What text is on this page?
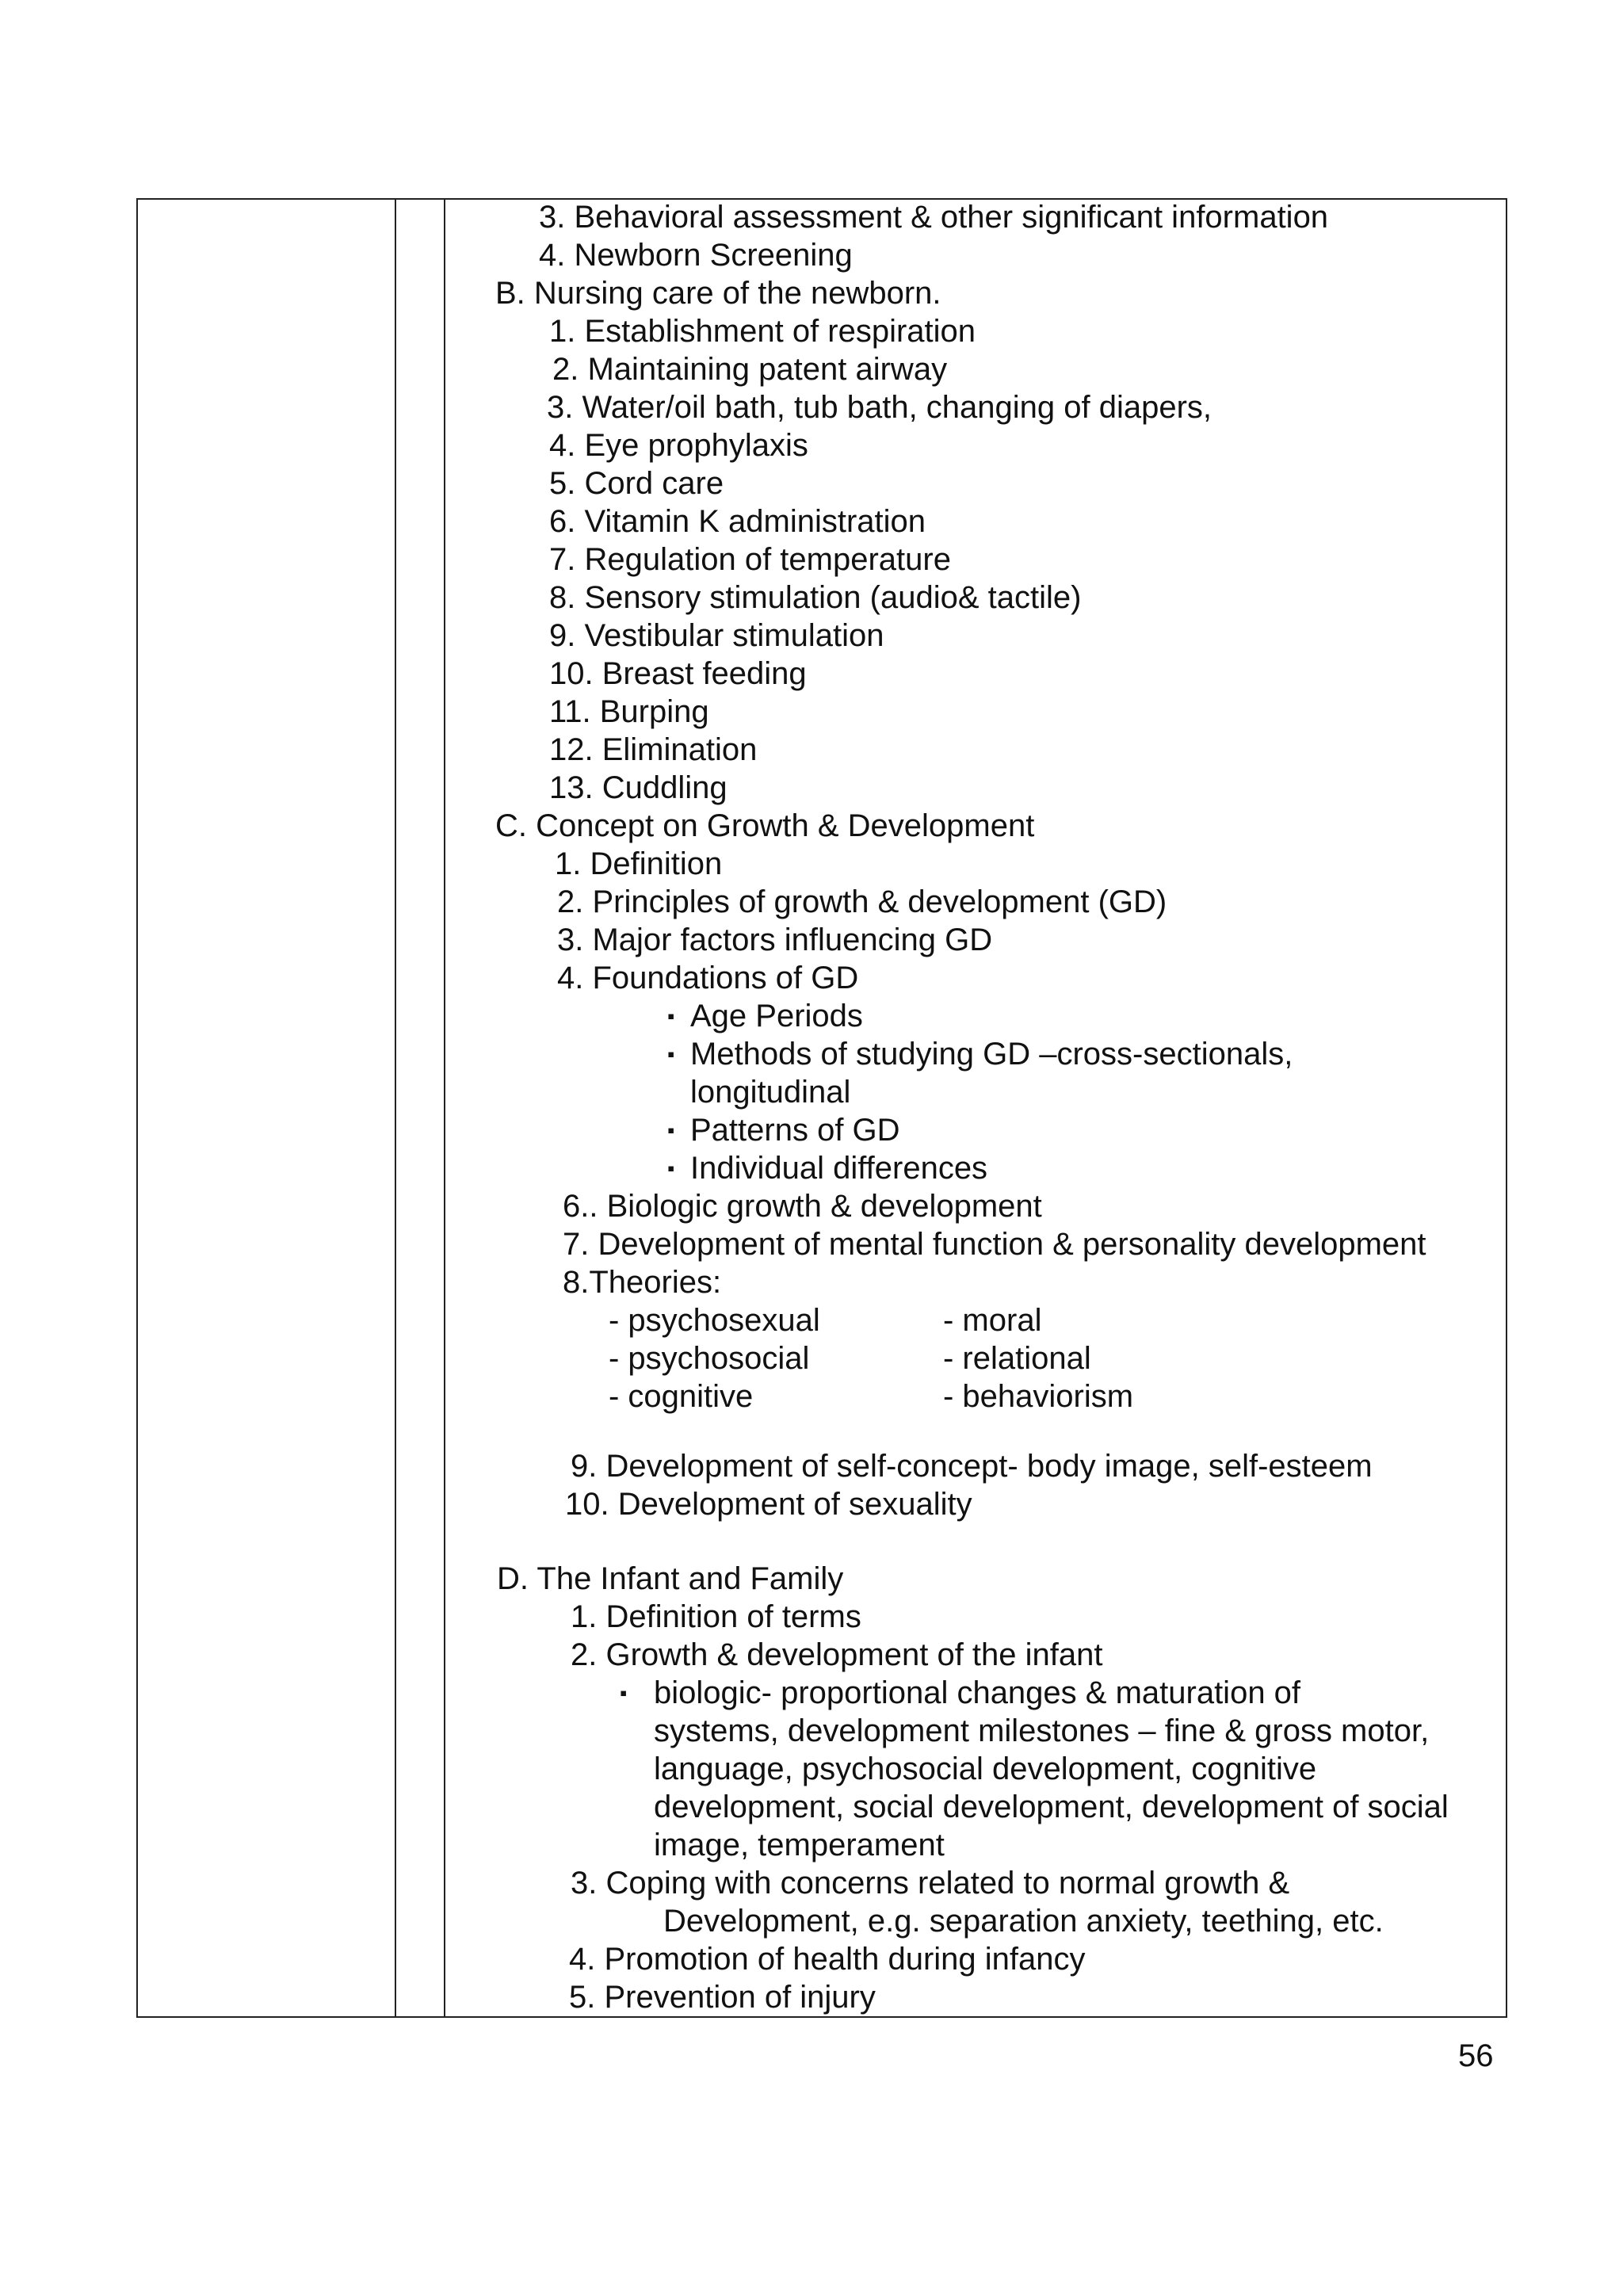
3. Behavioral assessment & other significant information
4. Newborn Screening
B. Nursing care of the newborn.
1. Establishment of respiration
2. Maintaining patent airway
3. Water/oil bath, tub bath, changing of diapers,
4. Eye prophylaxis
5. Cord care
6. Vitamin K administration
7. Regulation of temperature
8. Sensory stimulation (audio& tactile)
9. Vestibular stimulation
10. Breast feeding
11. Burping
12. Elimination
13. Cuddling
C. Concept on Growth & Development
1. Definition
2. Principles of growth & development (GD)
3. Major factors influencing GD
4. Foundations of GD
▪ Age Periods
▪ Methods of studying GD –cross-sectionals,
longitudinal
▪ Patterns of GD
▪ Individual differences
6.. Biologic growth & development
7. Development of mental function & personality development
8.Theories:
- psychosexual	- moral
- psychosocial	- relational
- cognitive	- behaviorism
9. Development of self-concept- body image, self-esteem
10. Development of sexuality
D. The Infant and Family
1. Definition of terms
2. Growth & development of the infant
▪ biologic- proportional changes & maturation of
systems, development milestones – fine & gross motor,
language, psychosocial development, cognitive
development, social development, development of social
image, temperament
3. Coping with concerns related to normal growth &
Development, e.g. separation anxiety, teething, etc.
4. Promotion of health during infancy
5. Prevention of injury
56
